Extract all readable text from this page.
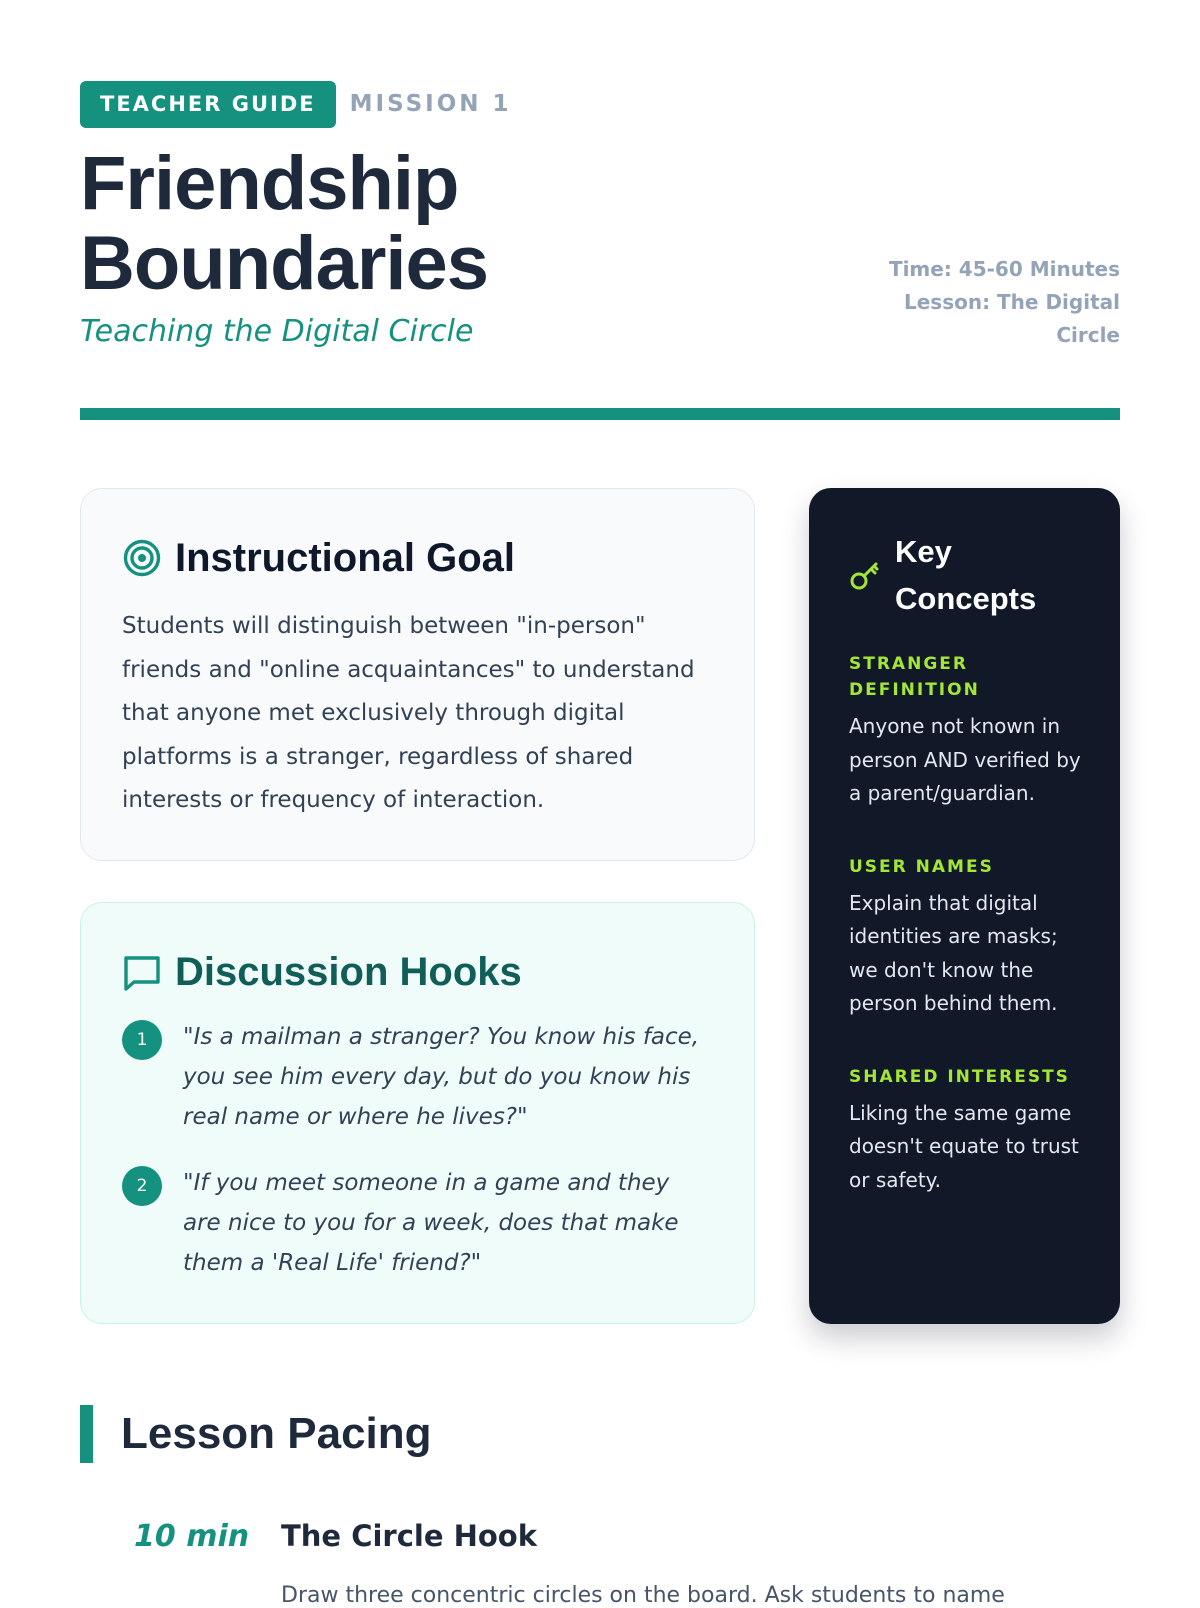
TEACHER GUIDE	MISSION 1
Friendship Boundaries
Teaching the Digital Circle
Time: 45-60 Minutes
Lesson: The Digital Circle
Instructional Goal

Students will distinguish between "in-person" friends and "online acquaintances" to understand that anyone met exclusively through digital platforms is a stranger, regardless of shared interests or frequency of interaction.

Discussion Hooks
1	"Is a mailman a stranger? You know his face, you see him every day, but do you know his real name or where he lives?"

2	"If you meet someone in a game and they are nice to you for a week, does that make them a 'Real Life' friend?"

Key Concepts
STRANGER DEFINITION
Anyone not known in person AND verified by a parent/guardian.
USER NAMES
Explain that digital identities are masks; we don't know the person behind them.
SHARED INTERESTS
Liking the same game doesn't equate to trust or safety.
Lesson Pacing
10 min The Circle Hook
Draw three concentric circles on the board. Ask students to name
